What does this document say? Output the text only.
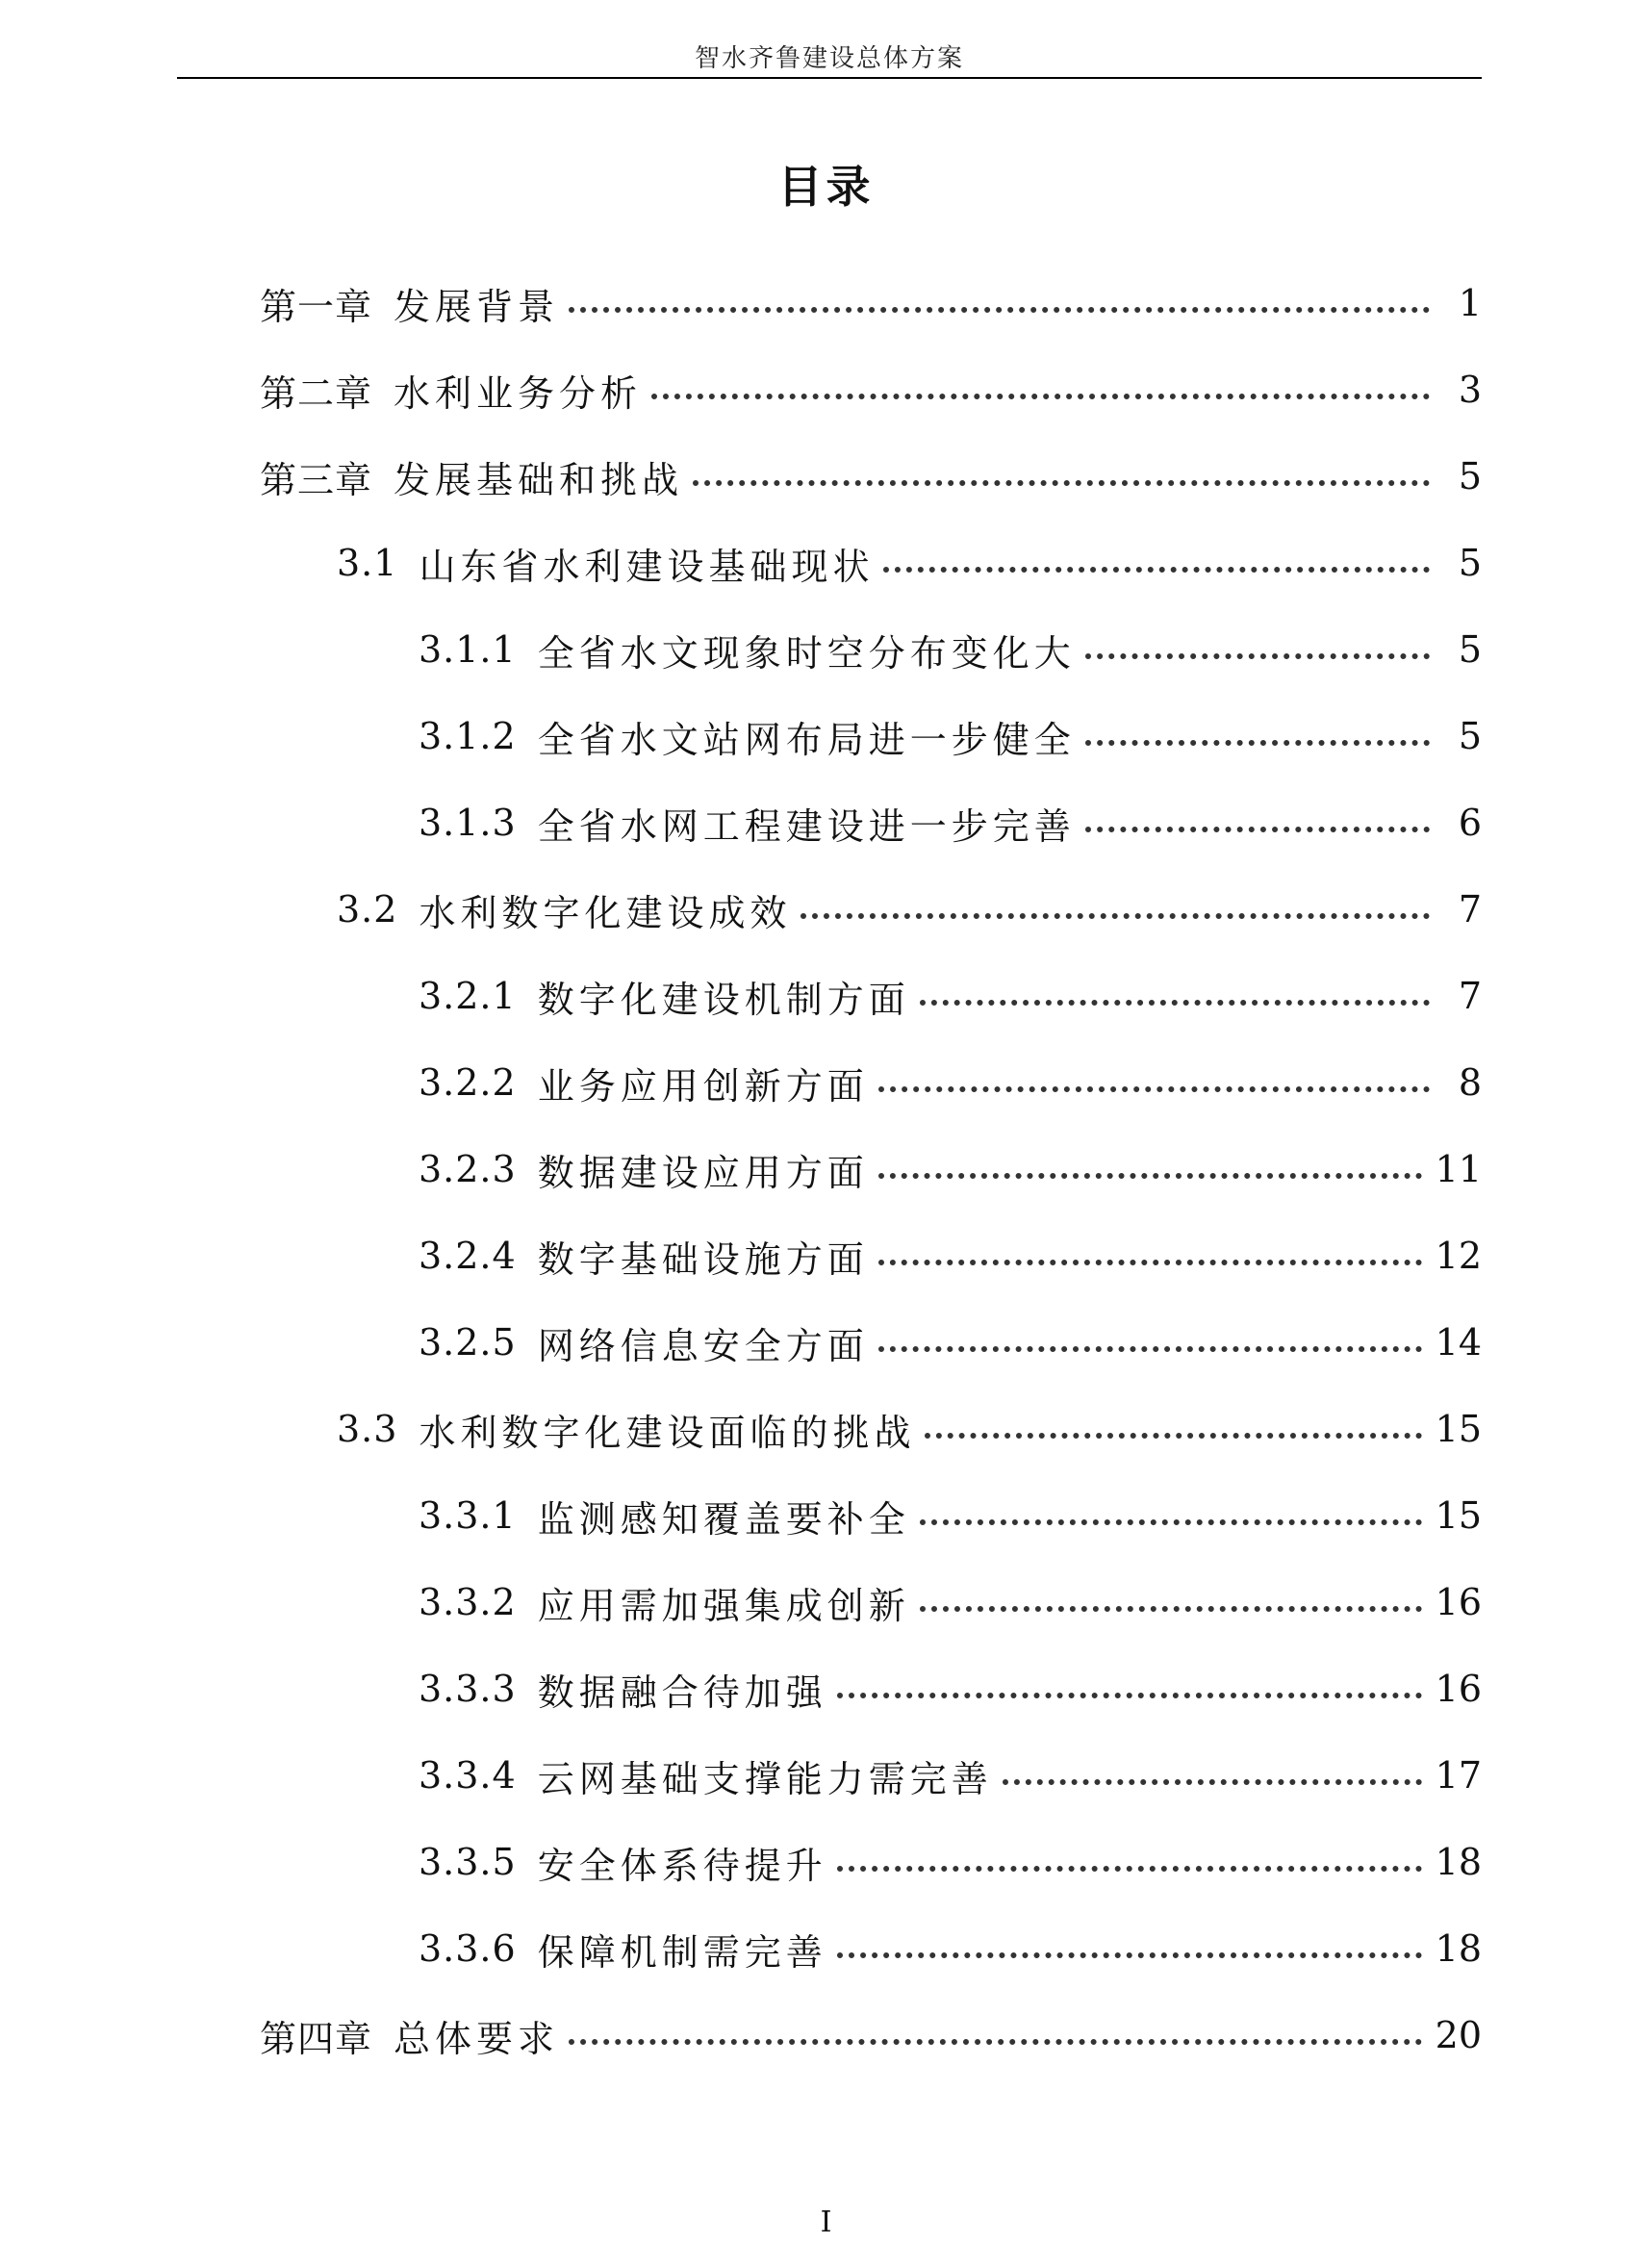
智水齐鲁建设总体方案
目录
第一章 发展背景	1
第二章 水利业务分析	3
第三章 发展基础和挑战	5
3.1 山东省水利建设基础现状	5
3.1.1 全省水文现象时空分布变化大	5
3.1.2 全省水文站网布局进一步健全	5
3.1.3 全省水网工程建设进一步完善	6
3.2 水利数字化建设成效	7
3.2.1 数字化建设机制方面	7
3.2.2 业务应用创新方面	8
3.2.3 数据建设应用方面	11
3.2.4 数字基础设施方面	12
3.2.5 网络信息安全方面	14
3.3 水利数字化建设面临的挑战	15
3.3.1 监测感知覆盖要补全	15
3.3.2 应用需加强集成创新	16
3.3.3 数据融合待加强	16
3.3.4 云网基础支撑能力需完善	17
3.3.5 安全体系待提升	18
3.3.6 保障机制需完善	18
第四章 总体要求	20
I
